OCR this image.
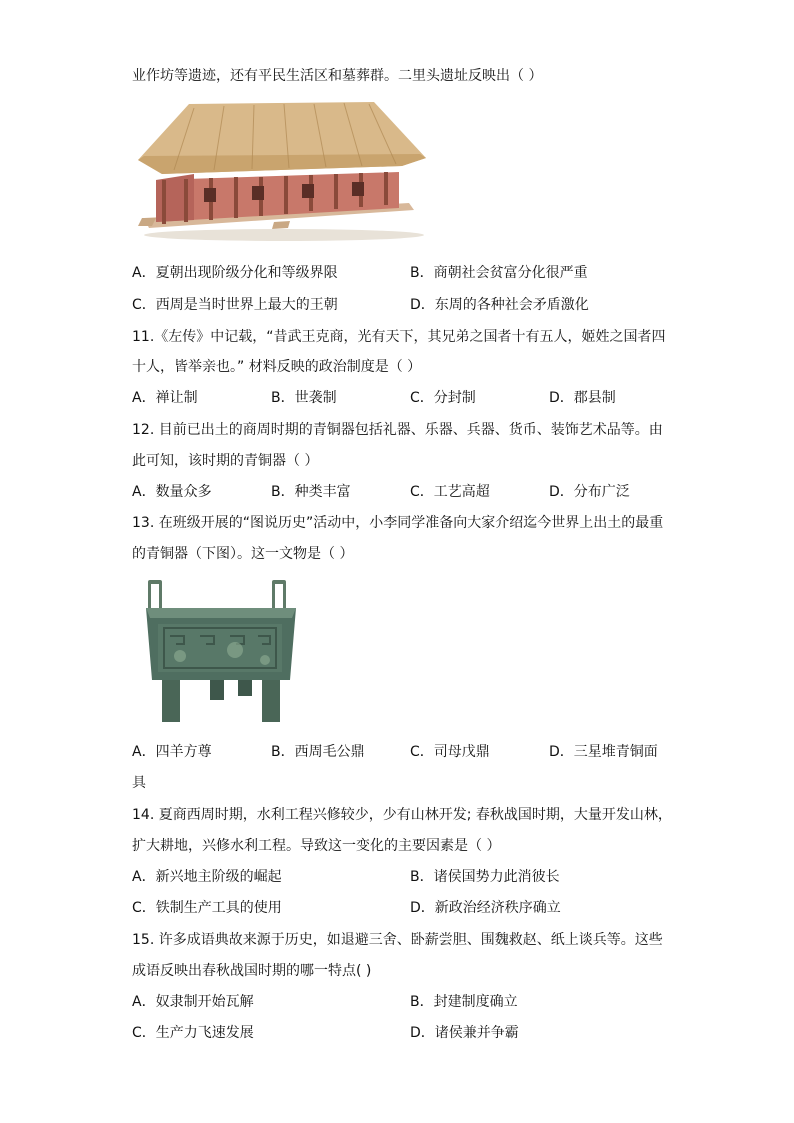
业作坊等遗迹，还有平民生活区和墓葬群。二里头遗址反映出（ ）
A．夏朝出现阶级分化和等级界限	B．商朝社会贫富分化很严重
C．西周是当时世界上最大的王朝	D．东周的各种社会矛盾激化
11.《左传》中记载，“昔武王克商，光有天下，其兄弟之国者十有五人，姬姓之国者四
十人，皆举亲也。” 材料反映的政治制度是（ ）
A．禅让制	B．世袭制	C．分封制	D．郡县制
12. 目前已出土的商周时期的青铜器包括礼器、乐器、兵器、货币、装饰艺术品等。由
此可知，该时期的青铜器（ ）
A．数量众多	B．种类丰富	C．工艺高超	D．分布广泛
13. 在班级开展的“图说历史”活动中，小李同学准备向大家介绍迄今世界上出土的最重
的青铜器（下图）。这一文物是（ ）
A．四羊方尊	B．西周毛公鼎	C．司母戊鼎	D．三星堆青铜面
具
14. 夏商西周时期，水利工程兴修较少，少有山林开发; 春秋战国时期，大量开发山林，
扩大耕地，兴修水利工程。导致这一变化的主要因素是（ ）
A．新兴地主阶级的崛起	B．诸侯国势力此消彼长
C．铁制生产工具的使用	D．新政治经济秩序确立
15. 许多成语典故来源于历史，如退避三舍、卧薪尝胆、围魏救赵、纸上谈兵等。这些
成语反映出春秋战国时期的哪一特点( )
A．奴隶制开始瓦解	B．封建制度确立
C．生产力飞速发展	D．诸侯兼并争霸
